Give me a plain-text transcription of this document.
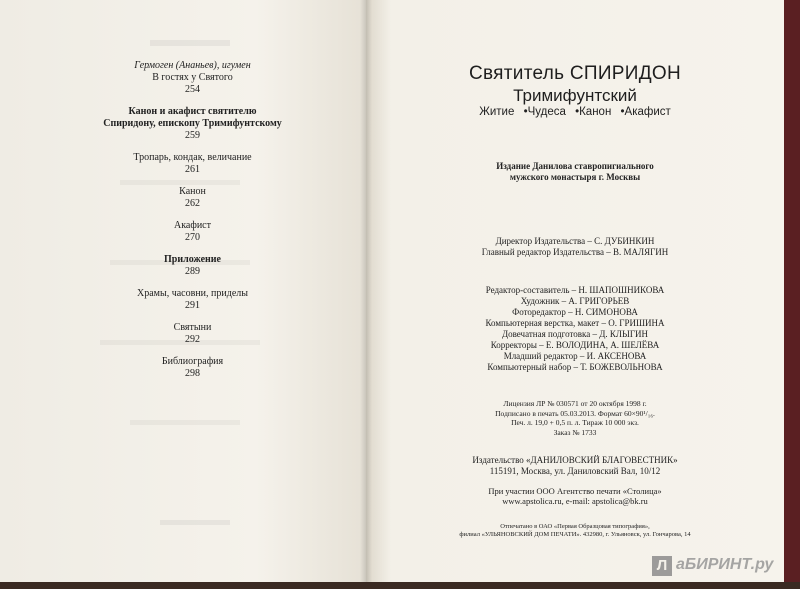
Гермоген (Ананьев), игумен
В гостях у Святого
254
Канон и акафист святителю
Спиридону, епископу Тримифунтскому
259
Тропарь, кондак, величание
261
Канон
262
Акафист
270
Приложение
289
Храмы, часовни, приделы
291
Святыни
292
Библиография
298
Святитель СПИРИДОН
Тримифунтский
Житие •Чудеса •Канон •Акафист
Издание Данилова ставропигиального
мужского монастыря г. Москвы
Директор Издательства – С. ДУБИНКИН
Главный редактор Издательства – В. МАЛЯГИН
Редактор-составитель – Н. ШАПОШНИКОВА
Художник – А. ГРИГОРЬЕВ
Фоторедактор – Н. СИМОНОВА
Компьютерная верстка, макет – О. ГРИШИНА
Довечатная подготовка – Д. КЛЫГИН
Корректоры – Е. ВОЛОДИНА, А. ШЕЛЁВА
Младший редактор – И. АКСЕНОВА
Компьютерный набор – Т. БОЖЕВОЛЬНОВА
Лицензия ЛР № 030571 от 20 октября 1998 г.
Подписано в печать 05.03.2013. Формат 60×90¹/₁₆.
Печ. л. 19,0 + 0,5 п. л. Тираж 10 000 экз.
Заказ № 1733
Издательство «ДАНИЛОВСКИЙ БЛАГОВЕСТНИК»
115191, Москва, ул. Даниловский Вал, 10/12
При участии ООО Агентство печати «Столица»
www.apstolica.ru, e-mail: apstolica@bk.ru
Отпечатано в ОАО «Первая Образцовая типография»,
филиал «УЛЬЯНОВСКИЙ ДОМ ПЕЧАТИ». 432980, г. Ульяновск, ул. Гончарова, 14
Л аБИРИНТ.ру
